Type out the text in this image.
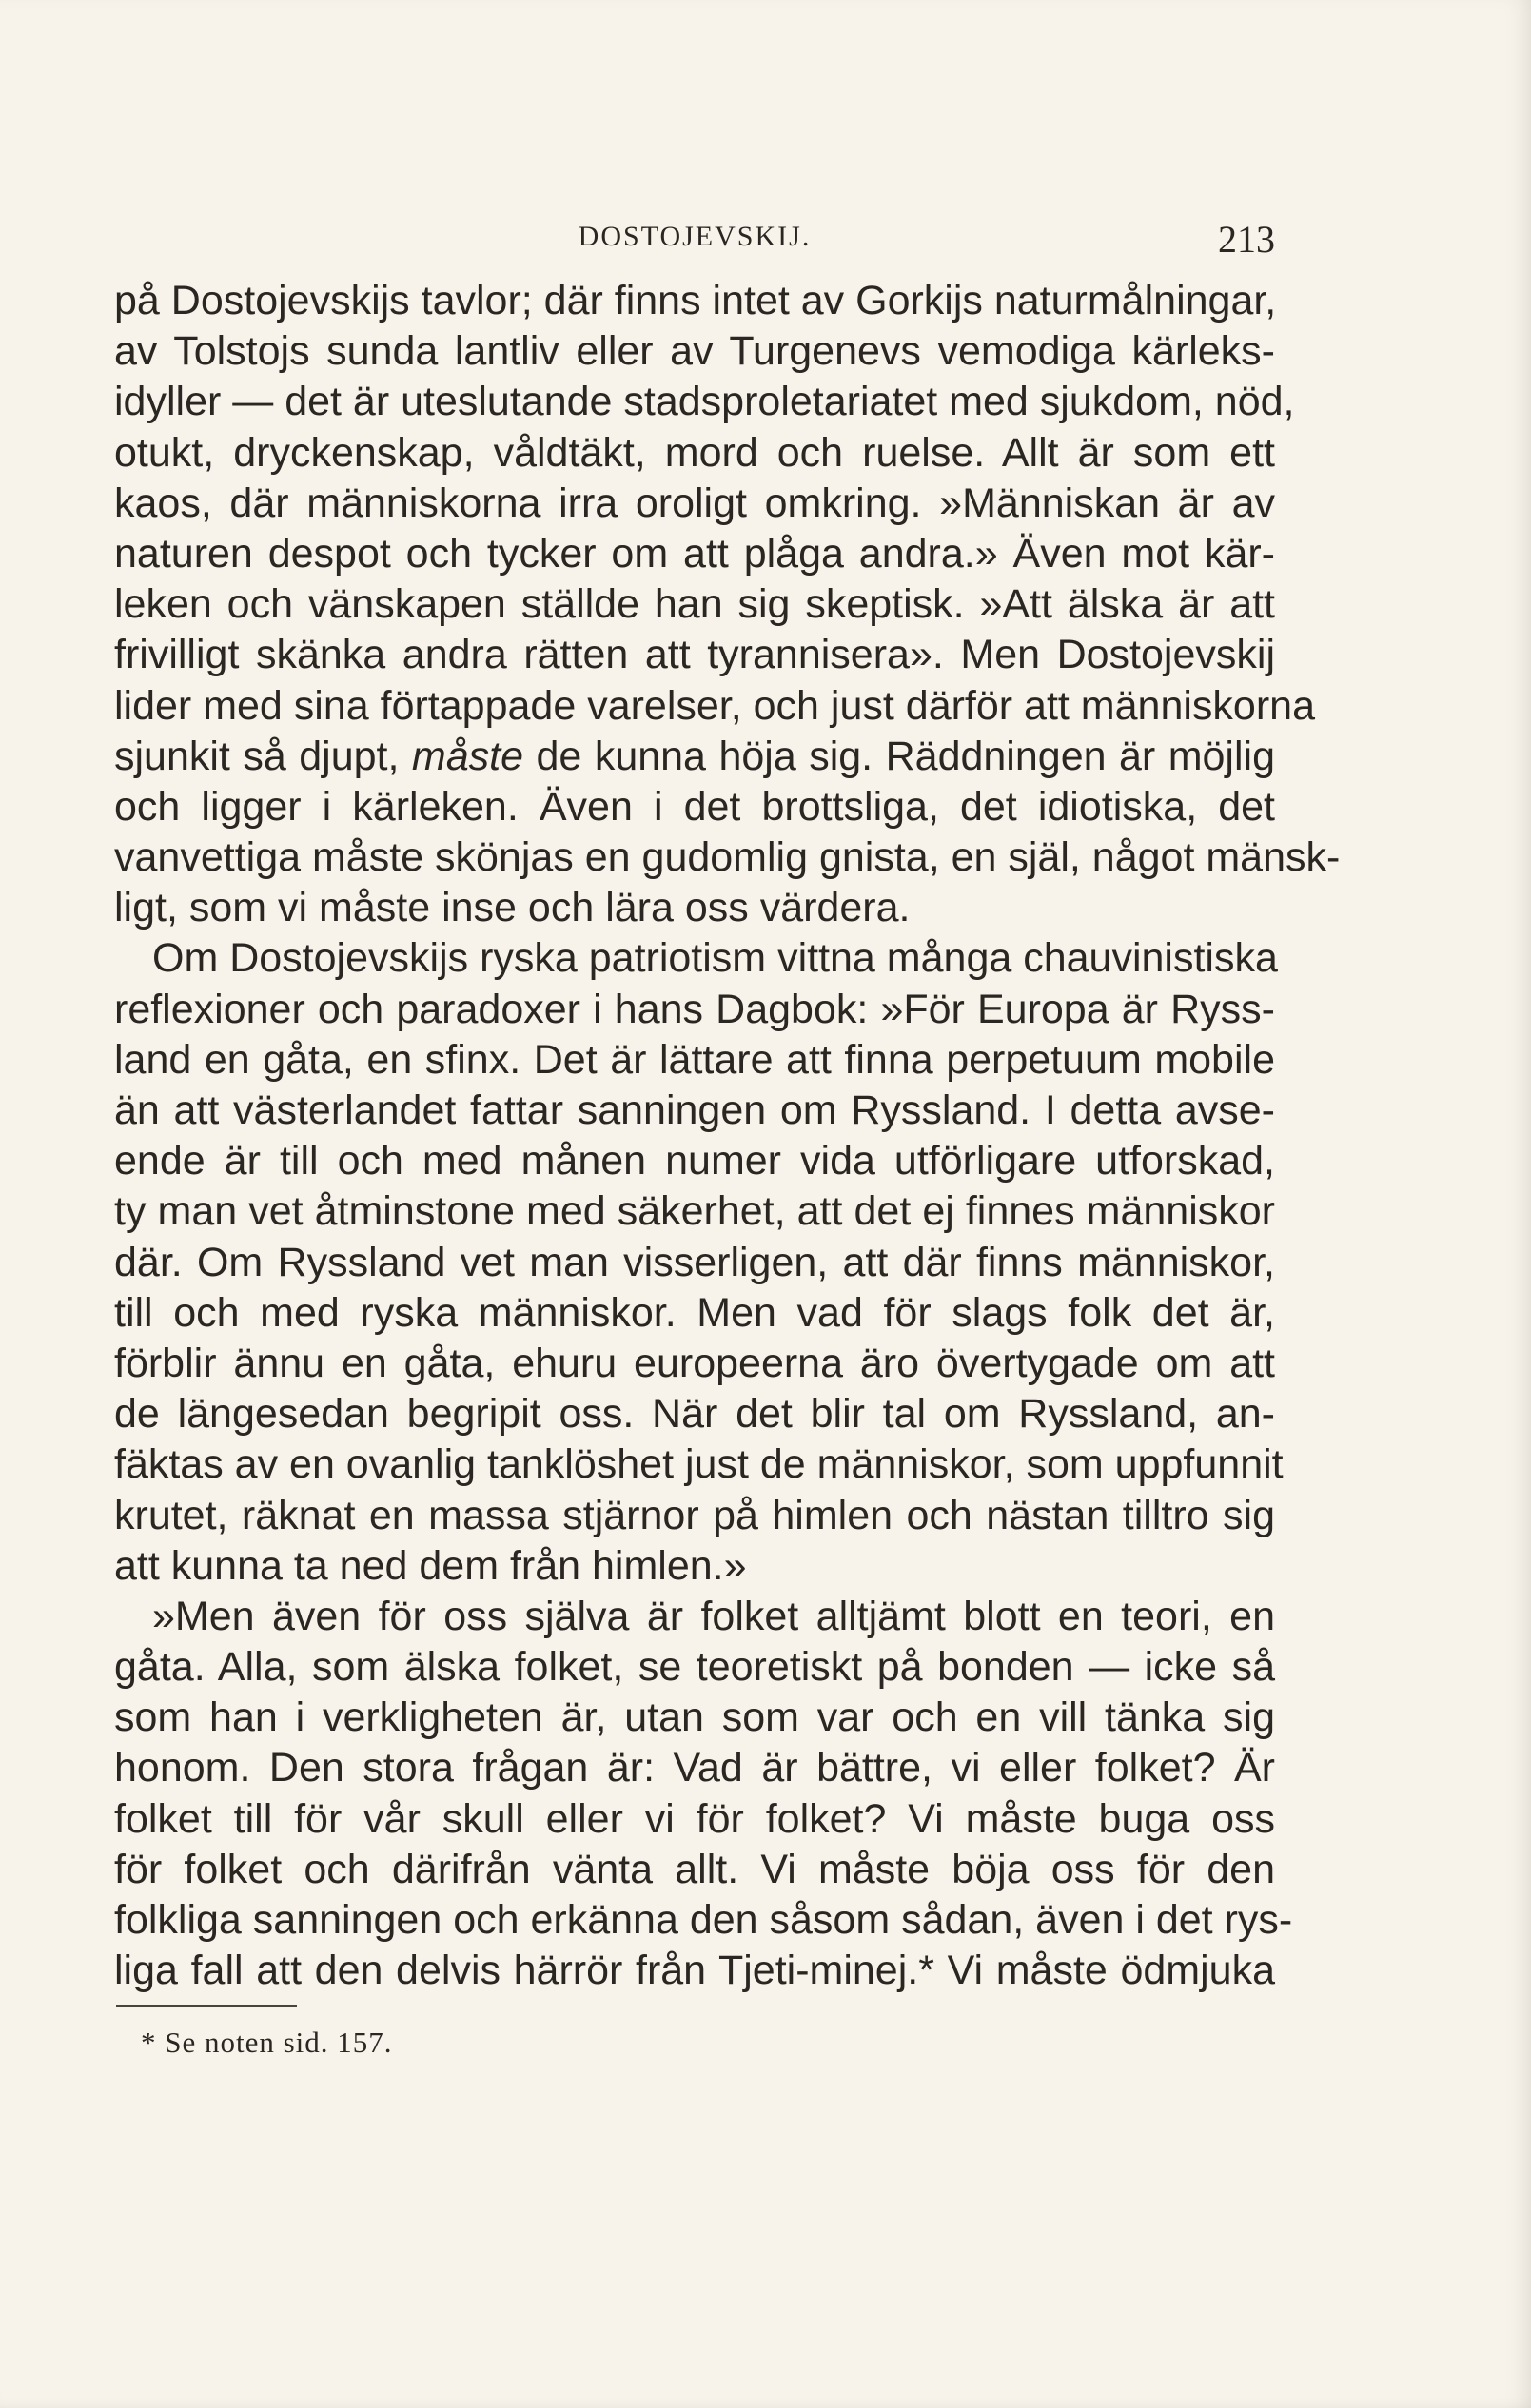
DOSTOJEVSKIJ.	213
på Dostojevskijs tavlor; där finns intet av Gorkijs naturmålningar,
av Tolstojs sunda lantliv eller av Turgenevs vemodiga kärleks-
idyller — det är uteslutande stadsproletariatet med sjukdom, nöd,
otukt, dryckenskap, våldtäkt, mord och ruelse. Allt är som ett
kaos, där människorna irra oroligt omkring. »Människan är av
naturen despot och tycker om att plåga andra.» Även mot kär-
leken och vänskapen ställde han sig skeptisk. »Att älska är att
frivilligt skänka andra rätten att tyrannisera». Men Dostojevskij
lider med sina förtappade varelser, och just därför att människorna
sjunkit så djupt, måste de kunna höja sig. Räddningen är möjlig
och ligger i kärleken. Även i det brottsliga, det idiotiska, det
vanvettiga måste skönjas en gudomlig gnista, en själ, något mänsk-
ligt, som vi måste inse och lära oss värdera.
Om Dostojevskijs ryska patriotism vittna många chauvinistiska
reflexioner och paradoxer i hans Dagbok: »För Europa är Ryss-
land en gåta, en sfinx. Det är lättare att finna perpetuum mobile
än att västerlandet fattar sanningen om Ryssland. I detta avse-
ende är till och med månen numer vida utförligare utforskad,
ty man vet åtminstone med säkerhet, att det ej finnes människor
där. Om Ryssland vet man visserligen, att där finns människor,
till och med ryska människor. Men vad för slags folk det är,
förblir ännu en gåta, ehuru europeerna äro övertygade om att
de längesedan begripit oss. När det blir tal om Ryssland, an-
fäktas av en ovanlig tanklöshet just de människor, som uppfunnit
krutet, räknat en massa stjärnor på himlen och nästan tilltro sig
att kunna ta ned dem från himlen.»
»Men även för oss själva är folket alltjämt blott en teori, en
gåta. Alla, som älska folket, se teoretiskt på bonden — icke så
som han i verkligheten är, utan som var och en vill tänka sig
honom. Den stora frågan är: Vad är bättre, vi eller folket? Är
folket till för vår skull eller vi för folket? Vi måste buga oss
för folket och därifrån vänta allt. Vi måste böja oss för den
folkliga sanningen och erkänna den såsom sådan, även i det rys-
liga fall att den delvis härrör från Tjeti-minej.* Vi måste ödmjuka
* Se noten sid. 157.
